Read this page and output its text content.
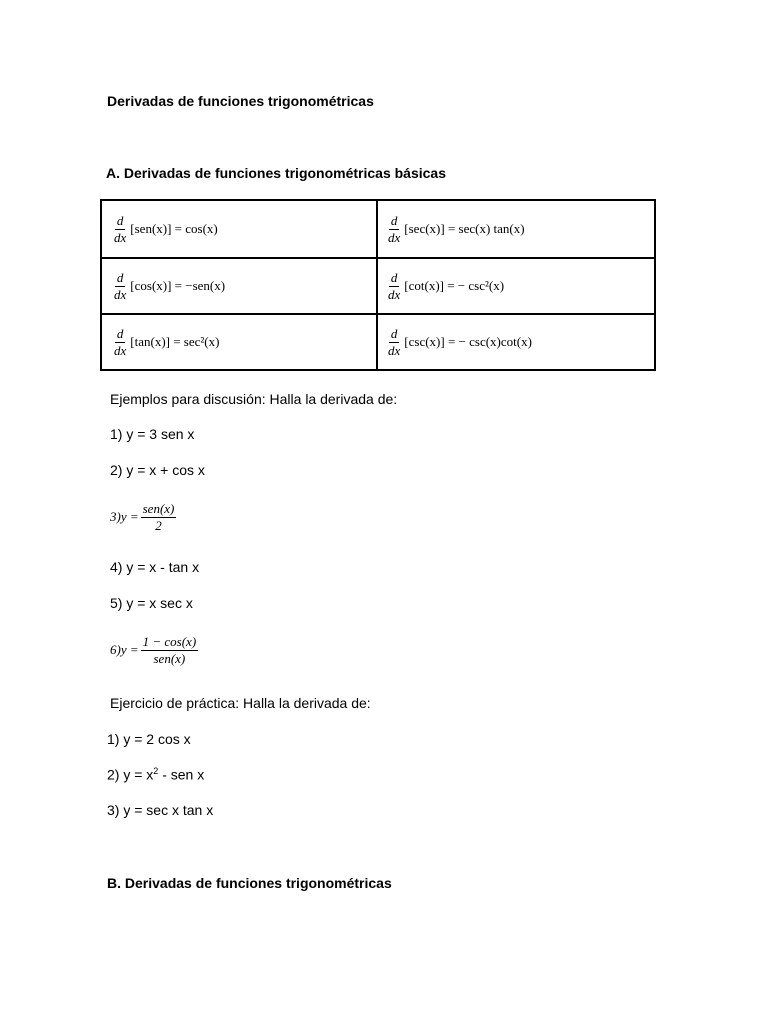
Derivadas de funciones trigonométricas
A. Derivadas de funciones trigonométricas básicas
$\frac{d}{dx} [sen(x)] = \cos(x)$	$\frac{d}{dx} [\sec(x)] = \sec(x)$ tan(x)
$\frac{d}{dx} [\cos(x)] = -sen(x)$	$\frac{d}{dx} [\cot(x)]$ = − csc²(x)
$\frac{d}{dx} [\tan(x)] = \sec^2(x)$	$\frac{d}{dx} [\csc(x)]$ = − csc(x)cot(x)
Ejemplos para discusión: Halla la derivada de:
1) y = 3 sen x
2) y = x + cos x
$3)y = \frac{\text{sen(x)}}{2}$
4) y = x - tan x
5) y = x sec x
$6)y = \frac{1 - \cos(x)}{\text{sen(x)}}$
Ejercicio de práctica: Halla la derivada de:
1) y = 2 cos x
2) $y = x^2$ - sen x
3) y = sec x tan x
B. Derivadas de funciones trigonométricas
